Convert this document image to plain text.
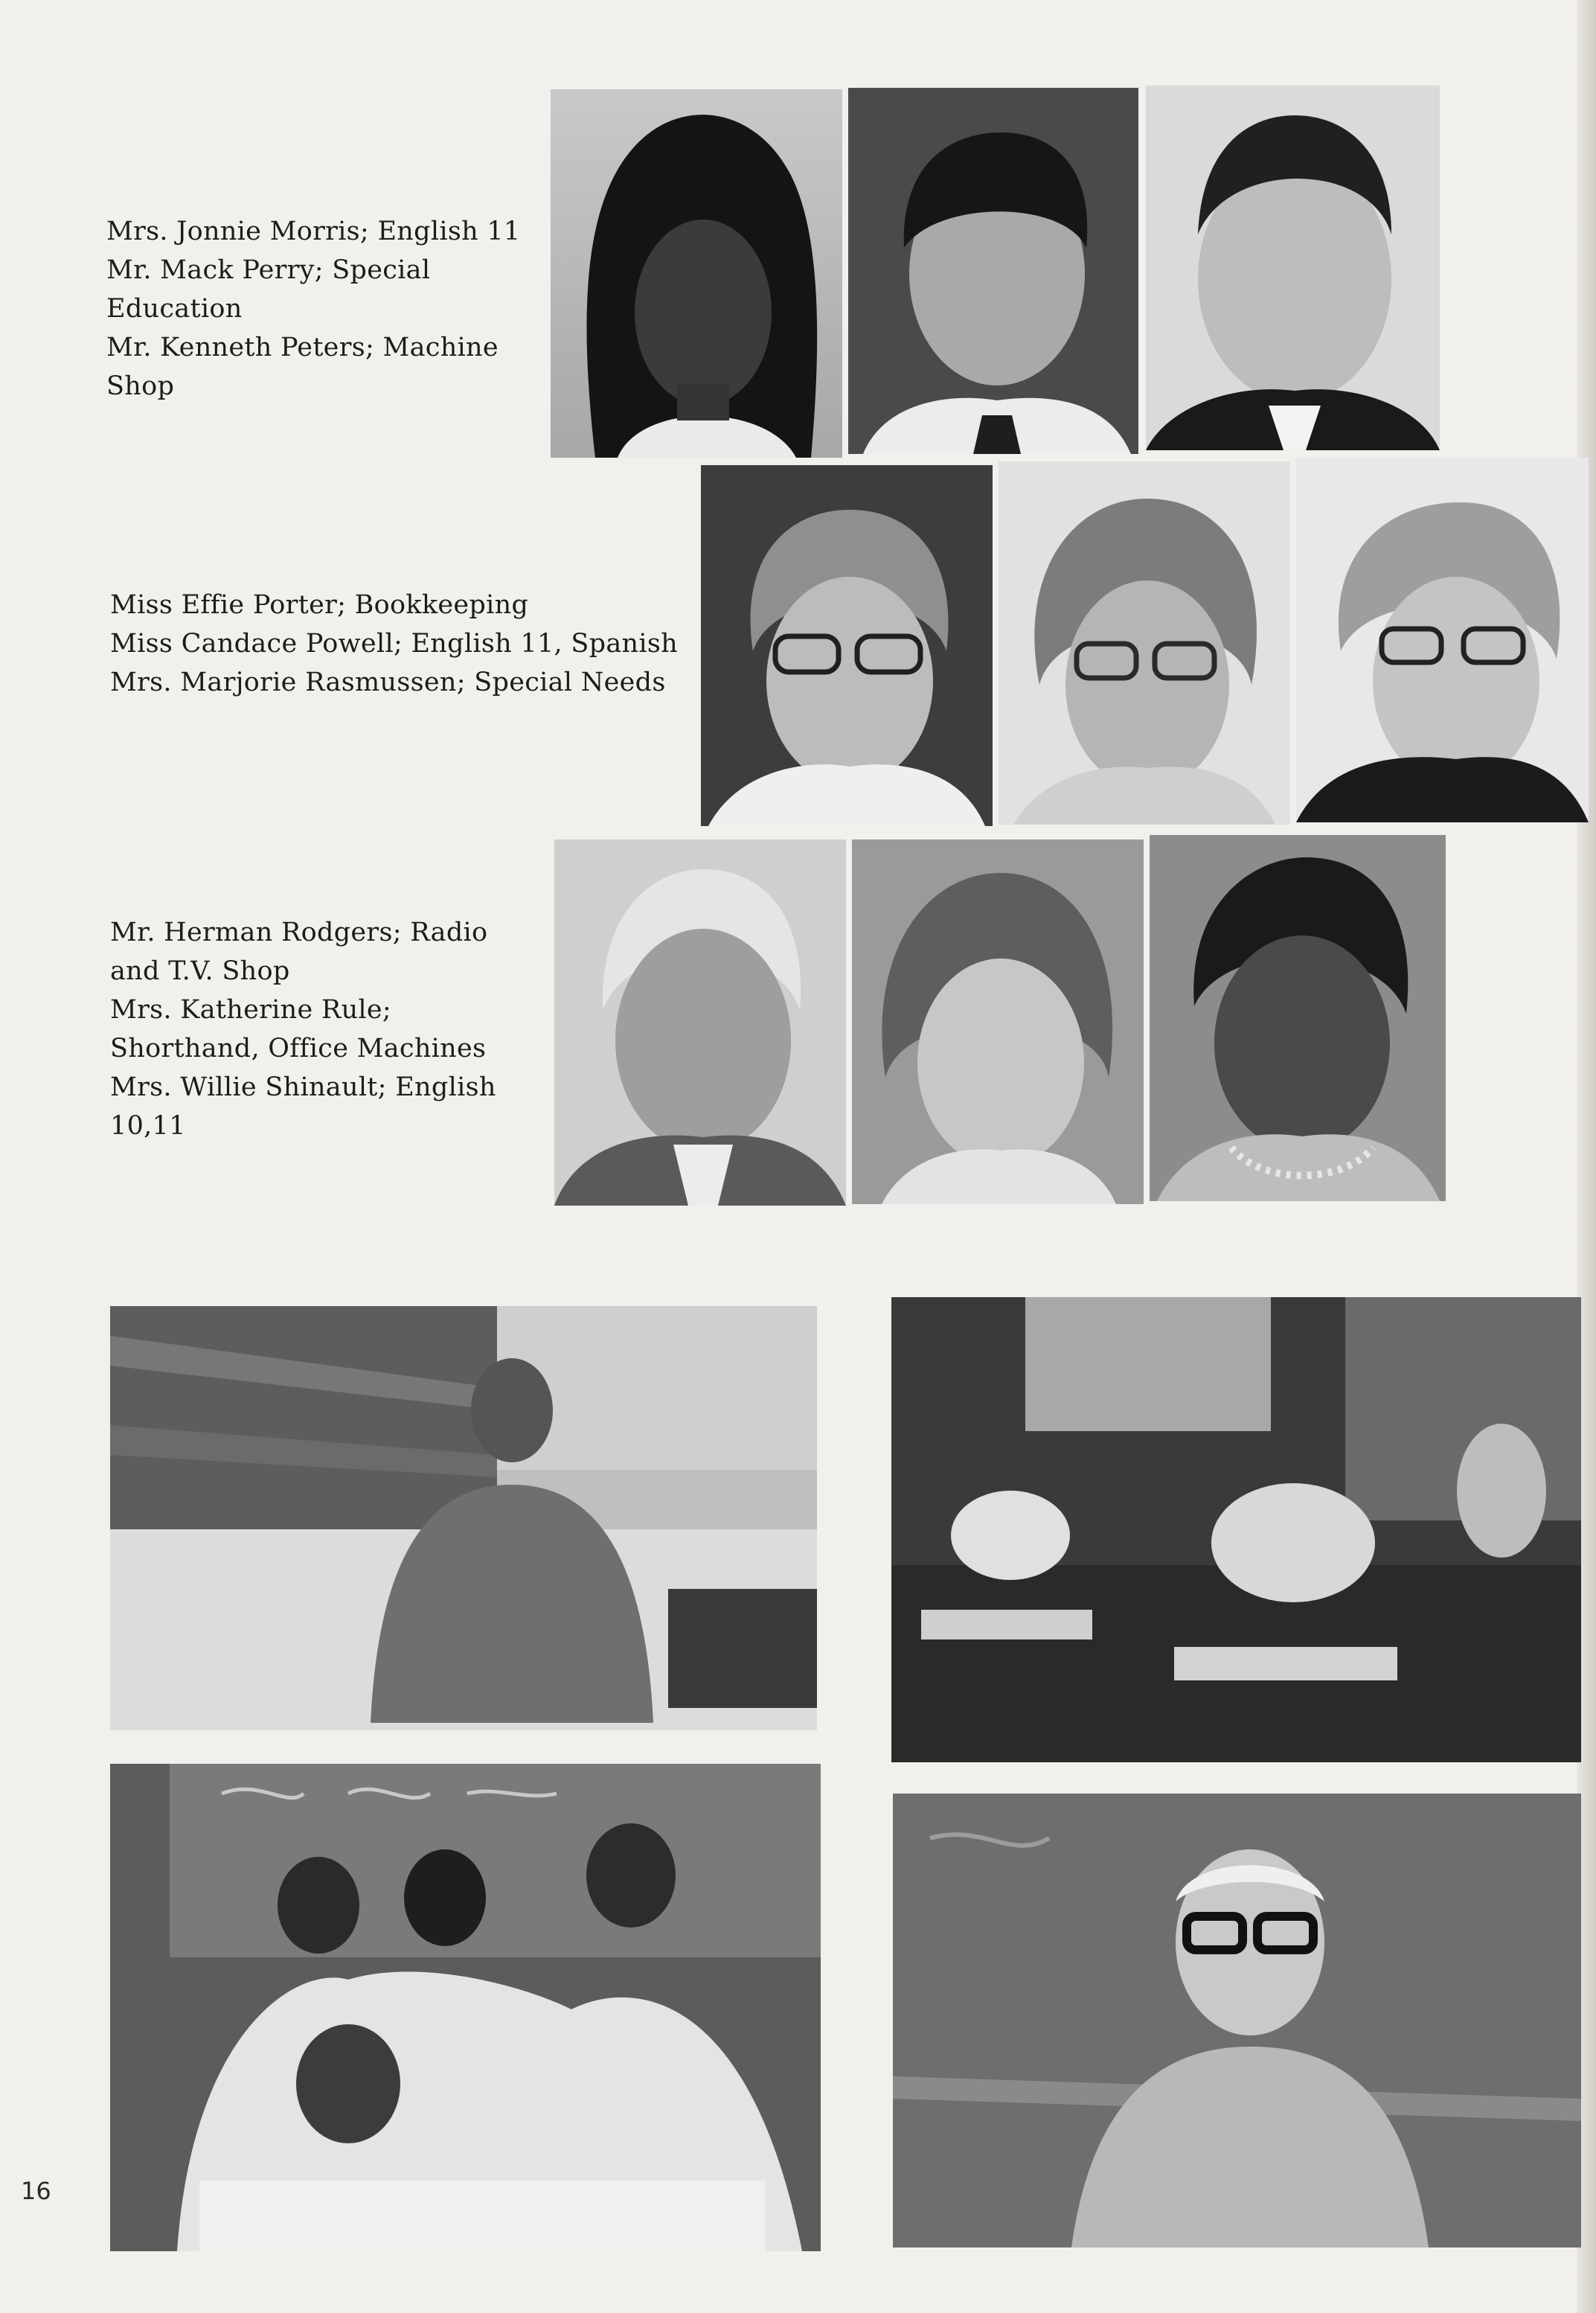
Mrs. Jonnie Morris; English 11
Mr. Mack Perry; Special
Education
Mr. Kenneth Peters; Machine
Shop
Miss Effie Porter; Bookkeeping
Miss Candace Powell; English 11, Spanish
Mrs. Marjorie Rasmussen; Special Needs
Mr. Herman Rodgers; Radio
and T.V. Shop
Mrs. Katherine Rule;
Shorthand, Office Machines
Mrs. Willie Shinault; English
10,11
16
